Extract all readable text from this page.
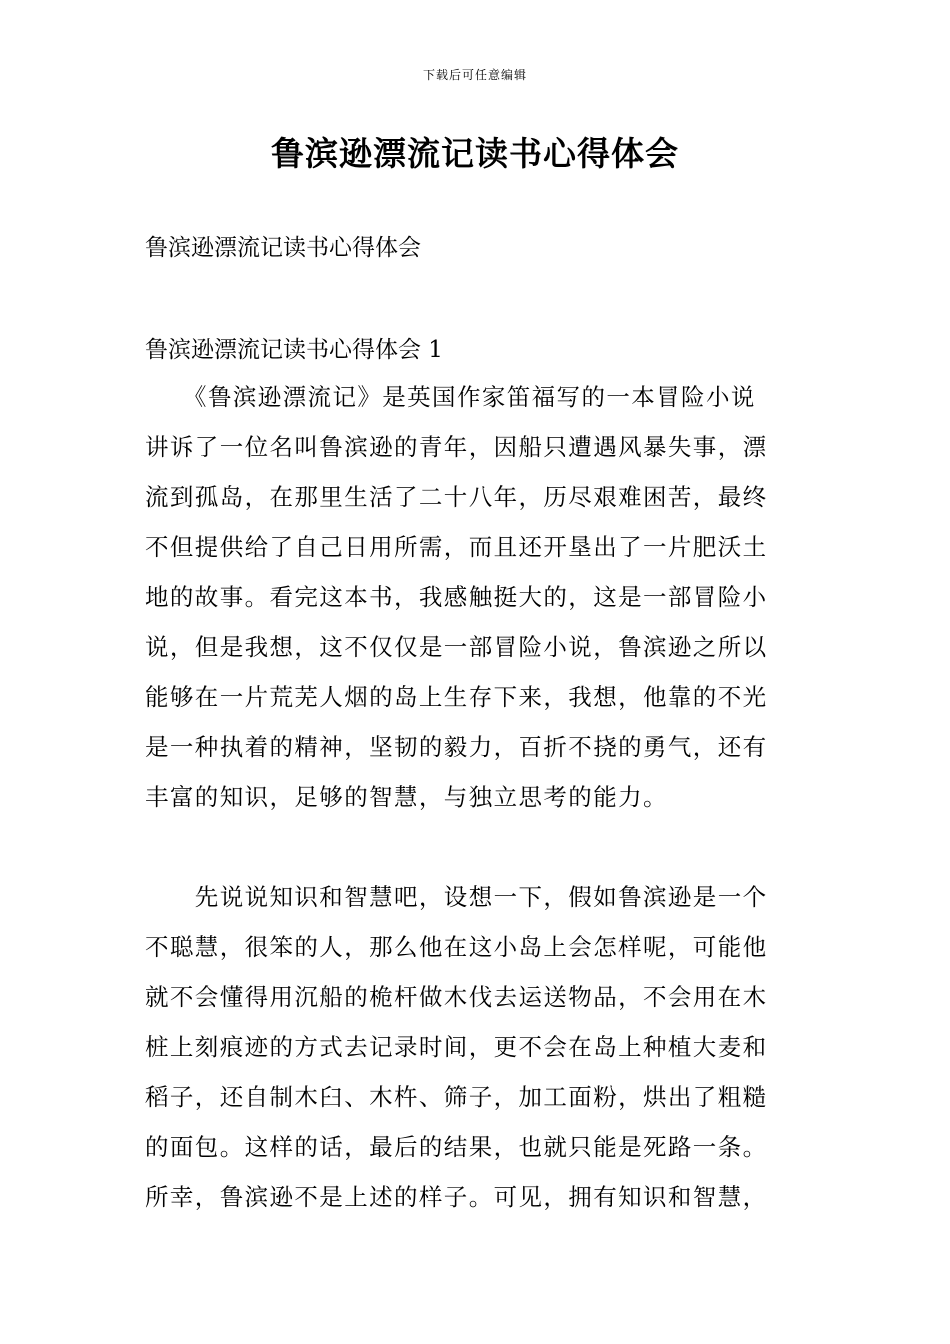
下载后可任意编辑
鲁滨逊漂流记读书心得体会

鲁滨逊漂流记读书心得体会

鲁滨逊漂流记读书心得体会 1

　　《鲁滨逊漂流记》是英国作家笛福写的一本冒险小说
讲诉了一位名叫鲁滨逊的青年，因船只遭遇风暴失事，漂
流到孤岛，在那里生活了二十八年，历尽艰难困苦，最终
不但提供给了自己日用所需，而且还开垦出了一片肥沃土
地的故事。看完这本书，我感触挺大的，这是一部冒险小
说，但是我想，这不仅仅是一部冒险小说，鲁滨逊之所以
能够在一片荒芜人烟的岛上生存下来，我想，他靠的不光
是一种执着的精神，坚韧的毅力，百折不挠的勇气，还有
丰富的知识，足够的智慧，与独立思考的能力。
　　先说说知识和智慧吧，设想一下，假如鲁滨逊是一个
不聪慧，很笨的人，那么他在这小岛上会怎样呢，可能他
就不会懂得用沉船的桅杆做木伐去运送物品，不会用在木
桩上刻痕迹的方式去记录时间，更不会在岛上种植大麦和
稻子，还自制木臼、木杵、筛子，加工面粉，烘出了粗糙
的面包。这样的话，最后的结果，也就只能是死路一条。
所幸，鲁滨逊不是上述的样子。可见，拥有知识和智慧，
